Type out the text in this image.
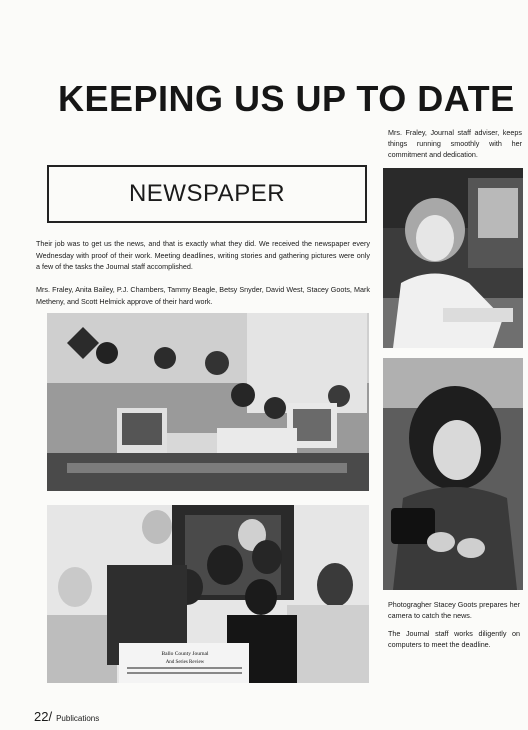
KEEPING US UP TO DATE

Mrs. Fraley, Journal staff adviser, keeps things running smoothly with her commitment and dedication.

NEWSPAPER

Their job was to get us the news, and that is exactly what they did. We received the newspaper every Wednesday with proof of their work. Meeting deadlines, writing stories and gathering pictures were only a few of the tasks the Journal staff accomplished.

Mrs. Fraley, Anita Bailey, P.J. Chambers, Tammy Beagle, Betsy Snyder, David West, Stacey Goots, Mark Metheny, and Scott Helmick approve of their hard work.

Ballo County Journal
And Series Review

Photogragher Stacey Goots prepares her camera to catch the news.

The Journal staff works diligently on computers to meet the deadline.

22/ Publications
